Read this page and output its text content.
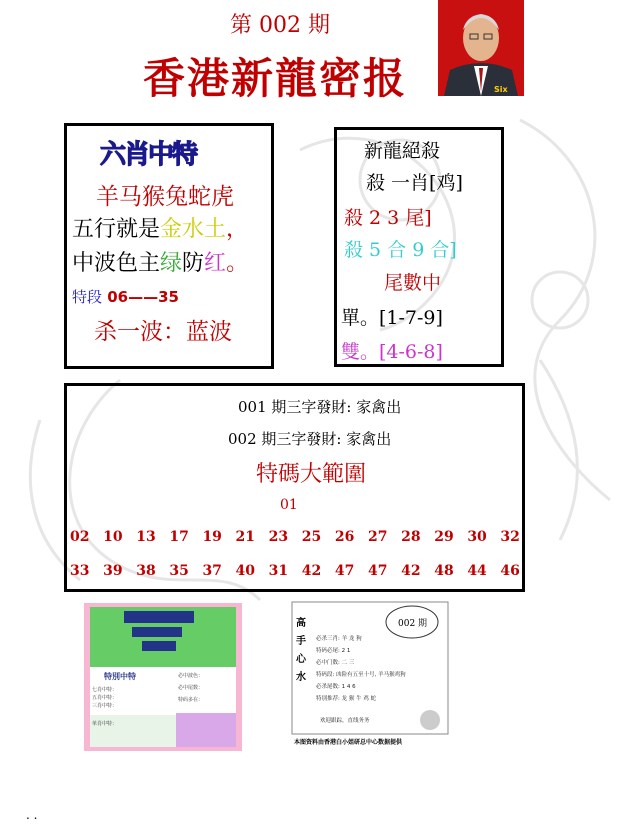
第 002 期
香港新龍密报	Six
六肖中特
羊马猴兔蛇虎
五行就是金水土，
中波色主绿防红。
特段 06——35
杀一波：蓝波
新龍絕殺
殺 一肖[鸡]
殺 2 3 尾]
殺 5 合 9 合]
尾數中
單。[1-7-9]
雙。[4-6-8]
001 期三字發財: 家禽出
002 期三字發財: 家禽出
特碼大範圍
01
02 10 13 17 19 21 23 25 26 27 28 29 30 32
33 39 38 35 37 40 31 42 47 47 42 48 44 46
特別中特
七肖中特：
五肖中特：
三肖中特：
单肖中特：
必中波色：
必中尾数：
特码多在：
002 期
高
手
心
水
必杀三肖: 羊 龙 狗
特码必尾: 2 1
必中门数: 二 三
特码段: 凶险有五至十号, 羊马猴鸡狗
必杀尾数: 1 4 6
特别推荐: 龙 猴 牛 鸡 蛇
欢迎跟踪，直线务务
本图资料由香港白小姐研总中心数据提供
. .
